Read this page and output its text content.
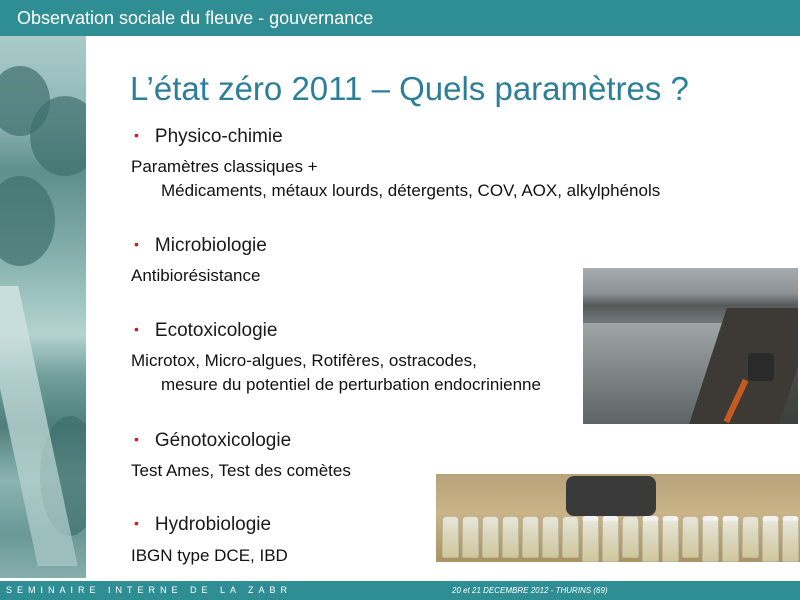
Observation sociale du fleuve - gouvernance
L’état zéro 2011 – Quels paramètres ?
• Physico-chimie
Paramètres classiques +
Médicaments, métaux lourds, détergents, COV, AOX, alkylphénols
• Microbiologie
Antibiorésistance
• Ecotoxicologie
Microtox, Micro-algues, Rotifères, ostracodes,
mesure du potentiel de perturbation endocrinienne
• Génotoxicologie
Test Ames, Test des comètes
• Hydrobiologie
IBGN type DCE, IBD
SEMINAIRE INTERNE DE LA ZABR	20 et 21 DECEMBRE 2012 - THURINS (69)
